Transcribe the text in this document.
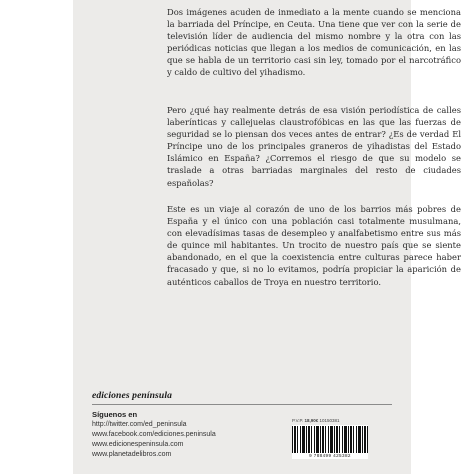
Dos imágenes acuden de inmediato a la mente cuando se menciona la barriada del Príncipe, en Ceuta. Una tiene que ver con la serie de televisión líder de audiencia del mismo nombre y la otra con las periódicas noticias que llegan a los medios de comunicación, en las que se habla de un territorio casi sin ley, tomado por el narcotráfico y caldo de cultivo del yihadismo.

Pero ¿qué hay realmente detrás de esa visión periodística de calles laberínticas y callejuelas claustrofóbicas en las que las fuerzas de seguridad se lo piensan dos veces antes de entrar? ¿Es de verdad El Príncipe uno de los principales graneros de yihadistas del Estado Islámico en España? ¿Corremos el riesgo de que su modelo se traslade a otras barriadas marginales del resto de ciudades españolas?

Este es un viaje al corazón de uno de los barrios más pobres de España y el único con una población casi totalmente musulmana, con elevadísimas tasas de desempleo y analfabetismo entre sus más de quince mil habitantes. Un trocito de nuestro país que se siente abandonado, en el que la coexistencia entre culturas parece haber fracasado y que, si no lo evitamos, podría propiciar la aparición de auténticos caballos de Troya en nuestro territorio.

ediciones península
Síguenos en
http://twitter.com/ed_peninsula
www.facebook.com/ediciones.peninsula
www.edicionespeninsula.com
www.planetadelibros.com
P.V.P. 18,90€ 10150381
9 788499 425382
